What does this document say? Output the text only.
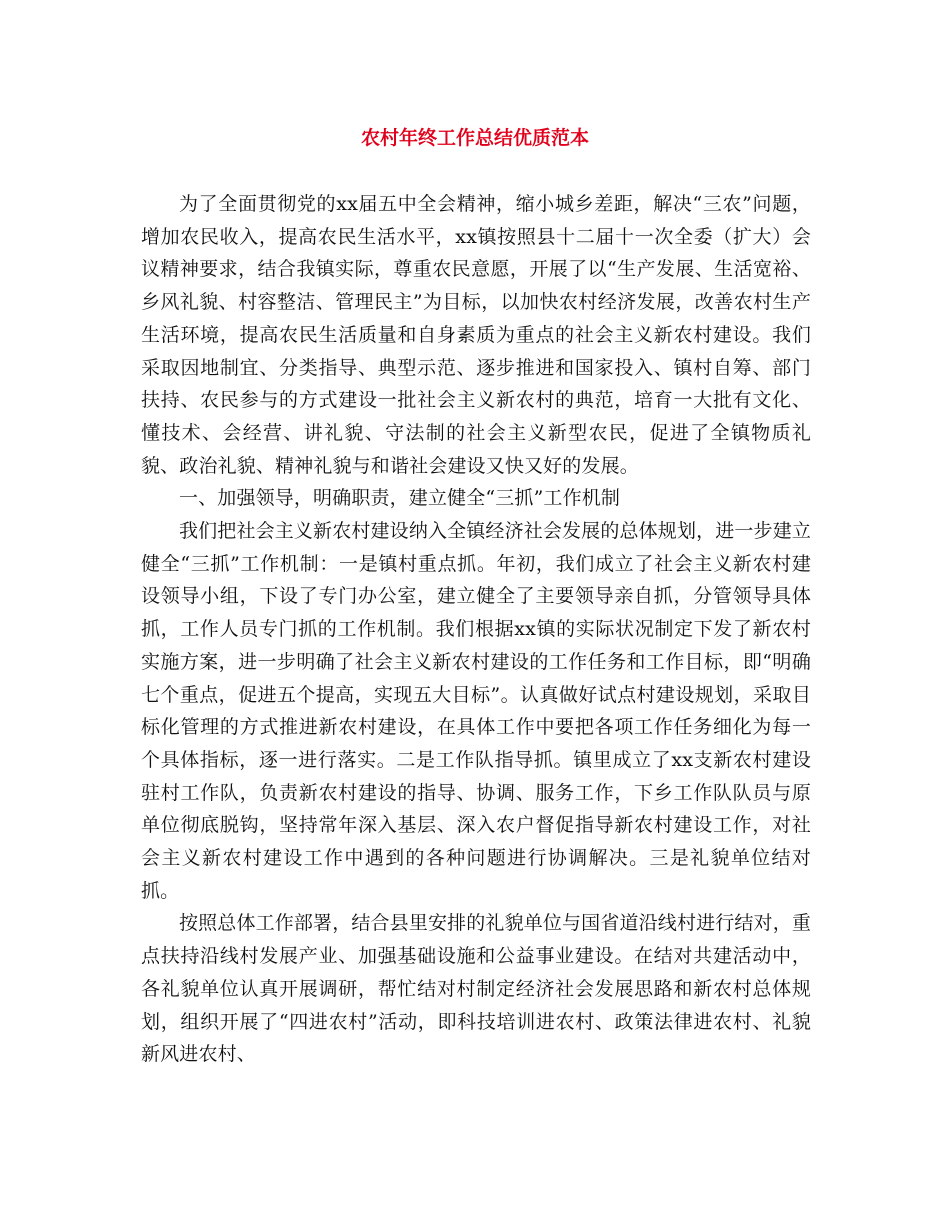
农村年终工作总结优质范本

为了全面贯彻党的xx届五中全会精神，缩小城乡差距，解决“三农”问题，增加农民收入，提高农民生活水平，xx镇按照县十二届十一次全委（扩大）会议精神要求，结合我镇实际，尊重农民意愿，开展了以“生产发展、生活宽裕、乡风礼貌、村容整洁、管理民主”为目标，以加快农村经济发展，改善农村生产生活环境，提高农民生活质量和自身素质为重点的社会主义新农村建设。我们采取因地制宜、分类指导、典型示范、逐步推进和国家投入、镇村自筹、部门扶持、农民参与的方式建设一批社会主义新农村的典范，培育一大批有文化、懂技术、会经营、讲礼貌、守法制的社会主义新型农民，促进了全镇物质礼貌、政治礼貌、精神礼貌与和谐社会建设又快又好的发展。

一、加强领导，明确职责，建立健全“三抓”工作机制

我们把社会主义新农村建设纳入全镇经济社会发展的总体规划，进一步建立健全“三抓”工作机制：一是镇村重点抓。年初，我们成立了社会主义新农村建设领导小组，下设了专门办公室，建立健全了主要领导亲自抓，分管领导具体抓，工作人员专门抓的工作机制。我们根据xx镇的实际状况制定下发了新农村实施方案，进一步明确了社会主义新农村建设的工作任务和工作目标，即“明确七个重点，促进五个提高，实现五大目标”。认真做好试点村建设规划，采取目标化管理的方式推进新农村建设，在具体工作中要把各项工作任务细化为每一个具体指标，逐一进行落实。二是工作队指导抓。镇里成立了xx支新农村建设驻村工作队，负责新农村建设的指导、协调、服务工作，下乡工作队队员与原单位彻底脱钩，坚持常年深入基层、深入农户督促指导新农村建设工作，对社会主义新农村建设工作中遇到的各种问题进行协调解决。三是礼貌单位结对抓。

按照总体工作部署，结合县里安排的礼貌单位与国省道沿线村进行结对，重点扶持沿线村发展产业、加强基础设施和公益事业建设。在结对共建活动中，各礼貌单位认真开展调研，帮忙结对村制定经济社会发展思路和新农村总体规划，组织开展了“四进农村”活动，即科技培训进农村、政策法律进农村、礼貌新风进农村、
